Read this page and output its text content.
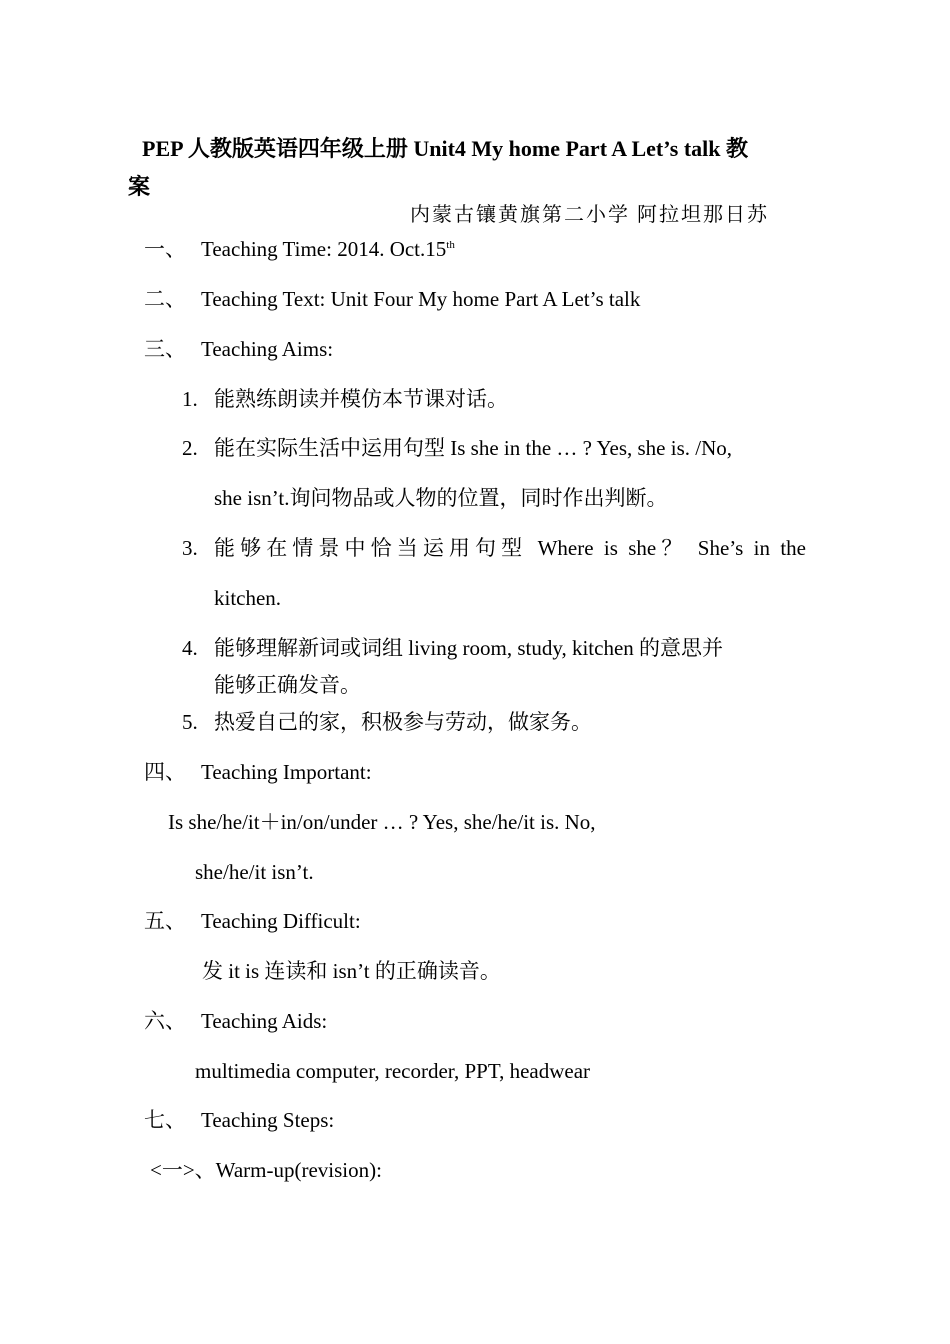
PEP 人教版英语四年级上册 Unit4 My home Part A Let’s talk 教
案
内蒙古镶黄旗第二小学 阿拉坦那日苏
一、 Teaching Time: 2014. Oct.15th
二、 Teaching Text: Unit Four My home Part A Let’s talk
三、 Teaching Aims:
1. 能熟练朗读并模仿本节课对话。
2. 能在实际生活中运用句型 Is she in the … ? Yes, she is. /No,
she isn’t.询问物品或人物的位置，同时作出判断。
3. 能够在情景中恰当运用句型 Where is she？ She’s in the
kitchen.
4. 能够理解新词或词组 living room, study, kitchen 的意思并
能够正确发音。
5. 热爱自己的家，积极参与劳动，做家务。
四、 Teaching Important:
Is she/he/it＋in/on/under … ? Yes, she/he/it is. No,
she/he/it isn’t.
五、 Teaching Difficult:
发 it is 连读和 isn’t 的正确读音。
六、 Teaching Aids:
multimedia computer, recorder, PPT, headwear
七、 Teaching Steps:
<一>、Warm-up(revision):
